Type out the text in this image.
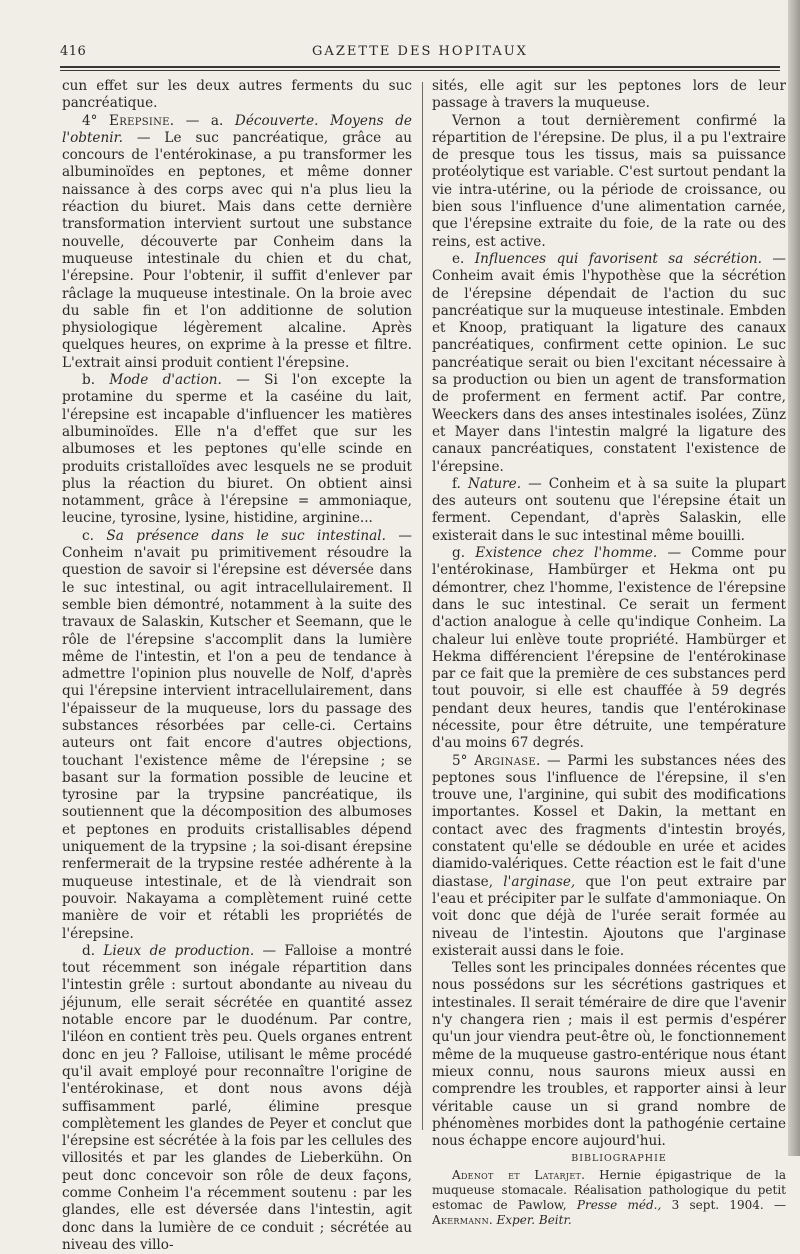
416	GAZETTE DES HOPITAUX

cun effet sur les deux autres ferments du suc pancréatique.

4° Erepsine. — a. Découverte. Moyens de l'obtenir. — Le suc pancréatique, grâce au concours de l'entérokinase, a pu transformer les albuminoïdes en peptones, et même donner naissance à des corps avec qui n'a plus lieu la réaction du biuret. Mais dans cette dernière transformation intervient surtout une substance nouvelle, découverte par Conheim dans la muqueuse intestinale du chien et du chat, l'érepsine. Pour l'obtenir, il suffit d'enlever par râclage la muqueuse intestinale. On la broie avec du sable fin et l'on additionne de solution physiologique légèrement alcaline. Après quelques heures, on exprime à la presse et filtre. L'extrait ainsi produit contient l'érepsine.

b. Mode d'action. — Si l'on excepte la protamine du sperme et la caséine du lait, l'érepsine est incapable d'influencer les matières albuminoïdes. Elle n'a d'effet que sur les albumoses et les peptones qu'elle scinde en produits cristalloïdes avec lesquels ne se produit plus la réaction du biuret. On obtient ainsi notamment, grâce à l'érepsine = ammoniaque, leucine, tyrosine, lysine, histidine, arginine...

c. Sa présence dans le suc intestinal. — Conheim n'avait pu primitivement résoudre la question de savoir si l'érepsine est déversée dans le suc intestinal, ou agit intracellulairement. Il semble bien démontré, notamment à la suite des travaux de Salaskin, Kutscher et Seemann, que le rôle de l'érepsine s'accomplit dans la lumière même de l'intestin, et l'on a peu de tendance à admettre l'opinion plus nouvelle de Nolf, d'après qui l'érepsine intervient intracellulairement, dans l'épaisseur de la muqueuse, lors du passage des substances résorbées par celle-ci. Certains auteurs ont fait encore d'autres objections, touchant l'existence même de l'érepsine ; se basant sur la formation possible de leucine et tyrosine par la trypsine pancréatique, ils soutiennent que la décomposition des albumoses et peptones en produits cristallisables dépend uniquement de la trypsine ; la soi-disant érepsine renfermerait de la trypsine restée adhérente à la muqueuse intestinale, et de là viendrait son pouvoir. Nakayama a complètement ruiné cette manière de voir et rétabli les propriétés de l'érepsine.

d. Lieux de production. — Falloise a montré tout récemment son inégale répartition dans l'intestin grêle : surtout abondante au niveau du jéjunum, elle serait sécrétée en quantité assez notable encore par le duodénum. Par contre, l'iléon en contient très peu. Quels organes entrent donc en jeu ? Falloise, utilisant le même procédé qu'il avait employé pour reconnaître l'origine de l'entérokinase, et dont nous avons déjà suffisamment parlé, élimine presque complètement les glandes de Peyer et conclut que l'érepsine est sécrétée à la fois par les cellules des villosités et par les glandes de Lieberkühn. On peut donc concevoir son rôle de deux façons, comme Conheim l'a récemment soutenu : par les glandes, elle est déversée dans l'intestin, agit donc dans la lumière de ce conduit ; sécrétée au niveau des villo-

sités, elle agit sur les peptones lors de leur passage à travers la muqueuse.

Vernon a tout dernièrement confirmé la répartition de l'érepsine. De plus, il a pu l'extraire de presque tous les tissus, mais sa puissance protéolytique est variable. C'est surtout pendant la vie intra-utérine, ou la période de croissance, ou bien sous l'influence d'une alimentation carnée, que l'érepsine extraite du foie, de la rate ou des reins, est active.

e. Influences qui favorisent sa sécrétion. — Conheim avait émis l'hypothèse que la sécrétion de l'érepsine dépendait de l'action du suc pancréatique sur la muqueuse intestinale. Embden et Knoop, pratiquant la ligature des canaux pancréatiques, confirment cette opinion. Le suc pancréatique serait ou bien l'excitant nécessaire à sa production ou bien un agent de transformation de proferment en ferment actif. Par contre, Weeckers dans des anses intestinales isolées, Zünz et Mayer dans l'intestin malgré la ligature des canaux pancréatiques, constatent l'existence de l'érepsine.

f. Nature. — Conheim et à sa suite la plupart des auteurs ont soutenu que l'érepsine était un ferment. Cependant, d'après Salaskin, elle existerait dans le suc intestinal même bouilli.

g. Existence chez l'homme. — Comme pour l'entérokinase, Hambürger et Hekma ont pu démontrer, chez l'homme, l'existence de l'érepsine dans le suc intestinal. Ce serait un ferment d'action analogue à celle qu'indique Conheim. La chaleur lui enlève toute propriété. Hambürger et Hekma différencient l'érepsine de l'entérokinase par ce fait que la première de ces substances perd tout pouvoir, si elle est chauffée à 59 degrés pendant deux heures, tandis que l'entérokinase nécessite, pour être détruite, une température d'au moins 67 degrés.

5° Arginase. — Parmi les substances nées des peptones sous l'influence de l'érepsine, il s'en trouve une, l'arginine, qui subit des modifications importantes. Kossel et Dakin, la mettant en contact avec des fragments d'intestin broyés, constatent qu'elle se dédouble en urée et acides diamido-valériques. Cette réaction est le fait d'une diastase, l'arginase, que l'on peut extraire par l'eau et précipiter par le sulfate d'ammoniaque. On voit donc que déjà de l'urée serait formée au niveau de l'intestin. Ajoutons que l'arginase existerait aussi dans le foie.

Telles sont les principales données récentes que nous possédons sur les sécrétions gastriques et intestinales. Il serait téméraire de dire que l'avenir n'y changera rien ; mais il est permis d'espérer qu'un jour viendra peut-être où, le fonctionnement même de la muqueuse gastro-entérique nous étant mieux connu, nous saurons mieux aussi en comprendre les troubles, et rapporter ainsi à leur véritable cause un si grand nombre de phénomènes morbides dont la pathogénie certaine nous échappe encore aujourd'hui.

BIBLIOGRAPHIE

Adenot et Latarjet. Hernie épigastrique de la muqueuse stomacale. Réalisation pathologique du petit estomac de Pawlow, Presse méd., 3 sept. 1904. — Akermann. Exper. Beitr.
